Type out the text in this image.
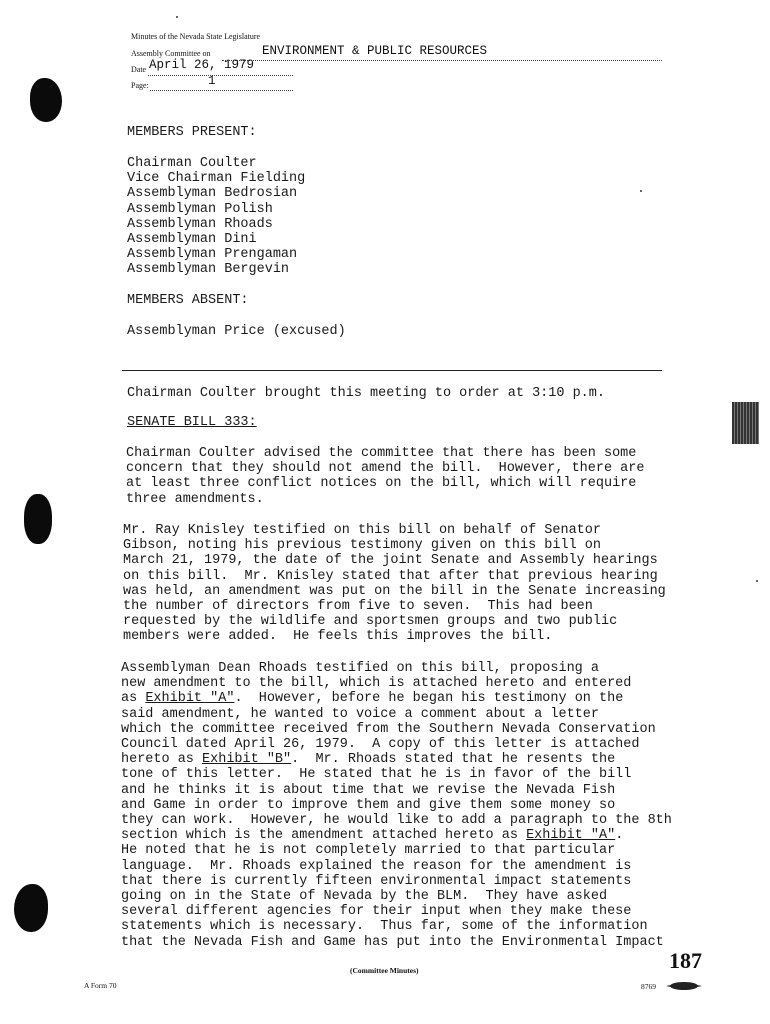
Minutes of the Nevada State Legislature
Assembly Committee on	ENVIRONMENT & PUBLIC RESOURCES
Date April 26, 1979
Page:	1
MEMBERS PRESENT:
Chairman Coulter
Vice Chairman Fielding
Assemblyman Bedrosian
Assemblyman Polish
Assemblyman Rhoads
Assemblyman Dini
Assemblyman Prengaman
Assemblyman Bergevin
MEMBERS ABSENT:
Assemblyman Price (excused)
Chairman Coulter brought this meeting to order at 3:10 p.m.
SENATE BILL 333:
Chairman Coulter advised the committee that there has been some
concern that they should not amend the bill.  However, there are
at least three conflict notices on the bill, which will require
three amendments.
Mr. Ray Knisley testified on this bill on behalf of Senator
Gibson, noting his previous testimony given on this bill on
March 21, 1979, the date of the joint Senate and Assembly hearings
on this bill.  Mr. Knisley stated that after that previous hearing
was held, an amendment was put on the bill in the Senate increasing
the number of directors from five to seven.  This had been
requested by the wildlife and sportsmen groups and two public
members were added.  He feels this improves the bill.
Assemblyman Dean Rhoads testified on this bill, proposing a
new amendment to the bill, which is attached hereto and entered
as Exhibit "A".  However, before he began his testimony on the
said amendment, he wanted to voice a comment about a letter
which the committee received from the Southern Nevada Conservation
Council dated April 26, 1979.  A copy of this letter is attached
hereto as Exhibit "B".  Mr. Rhoads stated that he resents the
tone of this letter.  He stated that he is in favor of the bill
and he thinks it is about time that we revise the Nevada Fish
and Game in order to improve them and give them some money so
they can work.  However, he would like to add a paragraph to the 8th
section which is the amendment attached hereto as Exhibit "A".
He noted that he is not completely married to that particular
language.  Mr. Rhoads explained the reason for the amendment is
that there is currently fifteen environmental impact statements
going on in the State of Nevada by the BLM.  They have asked
several different agencies for their input when they make these
statements which is necessary.  Thus far, some of the information
that the Nevada Fish and Game has put into the Environmental Impact
(Committee Minutes)
A Form 70
187
8769
